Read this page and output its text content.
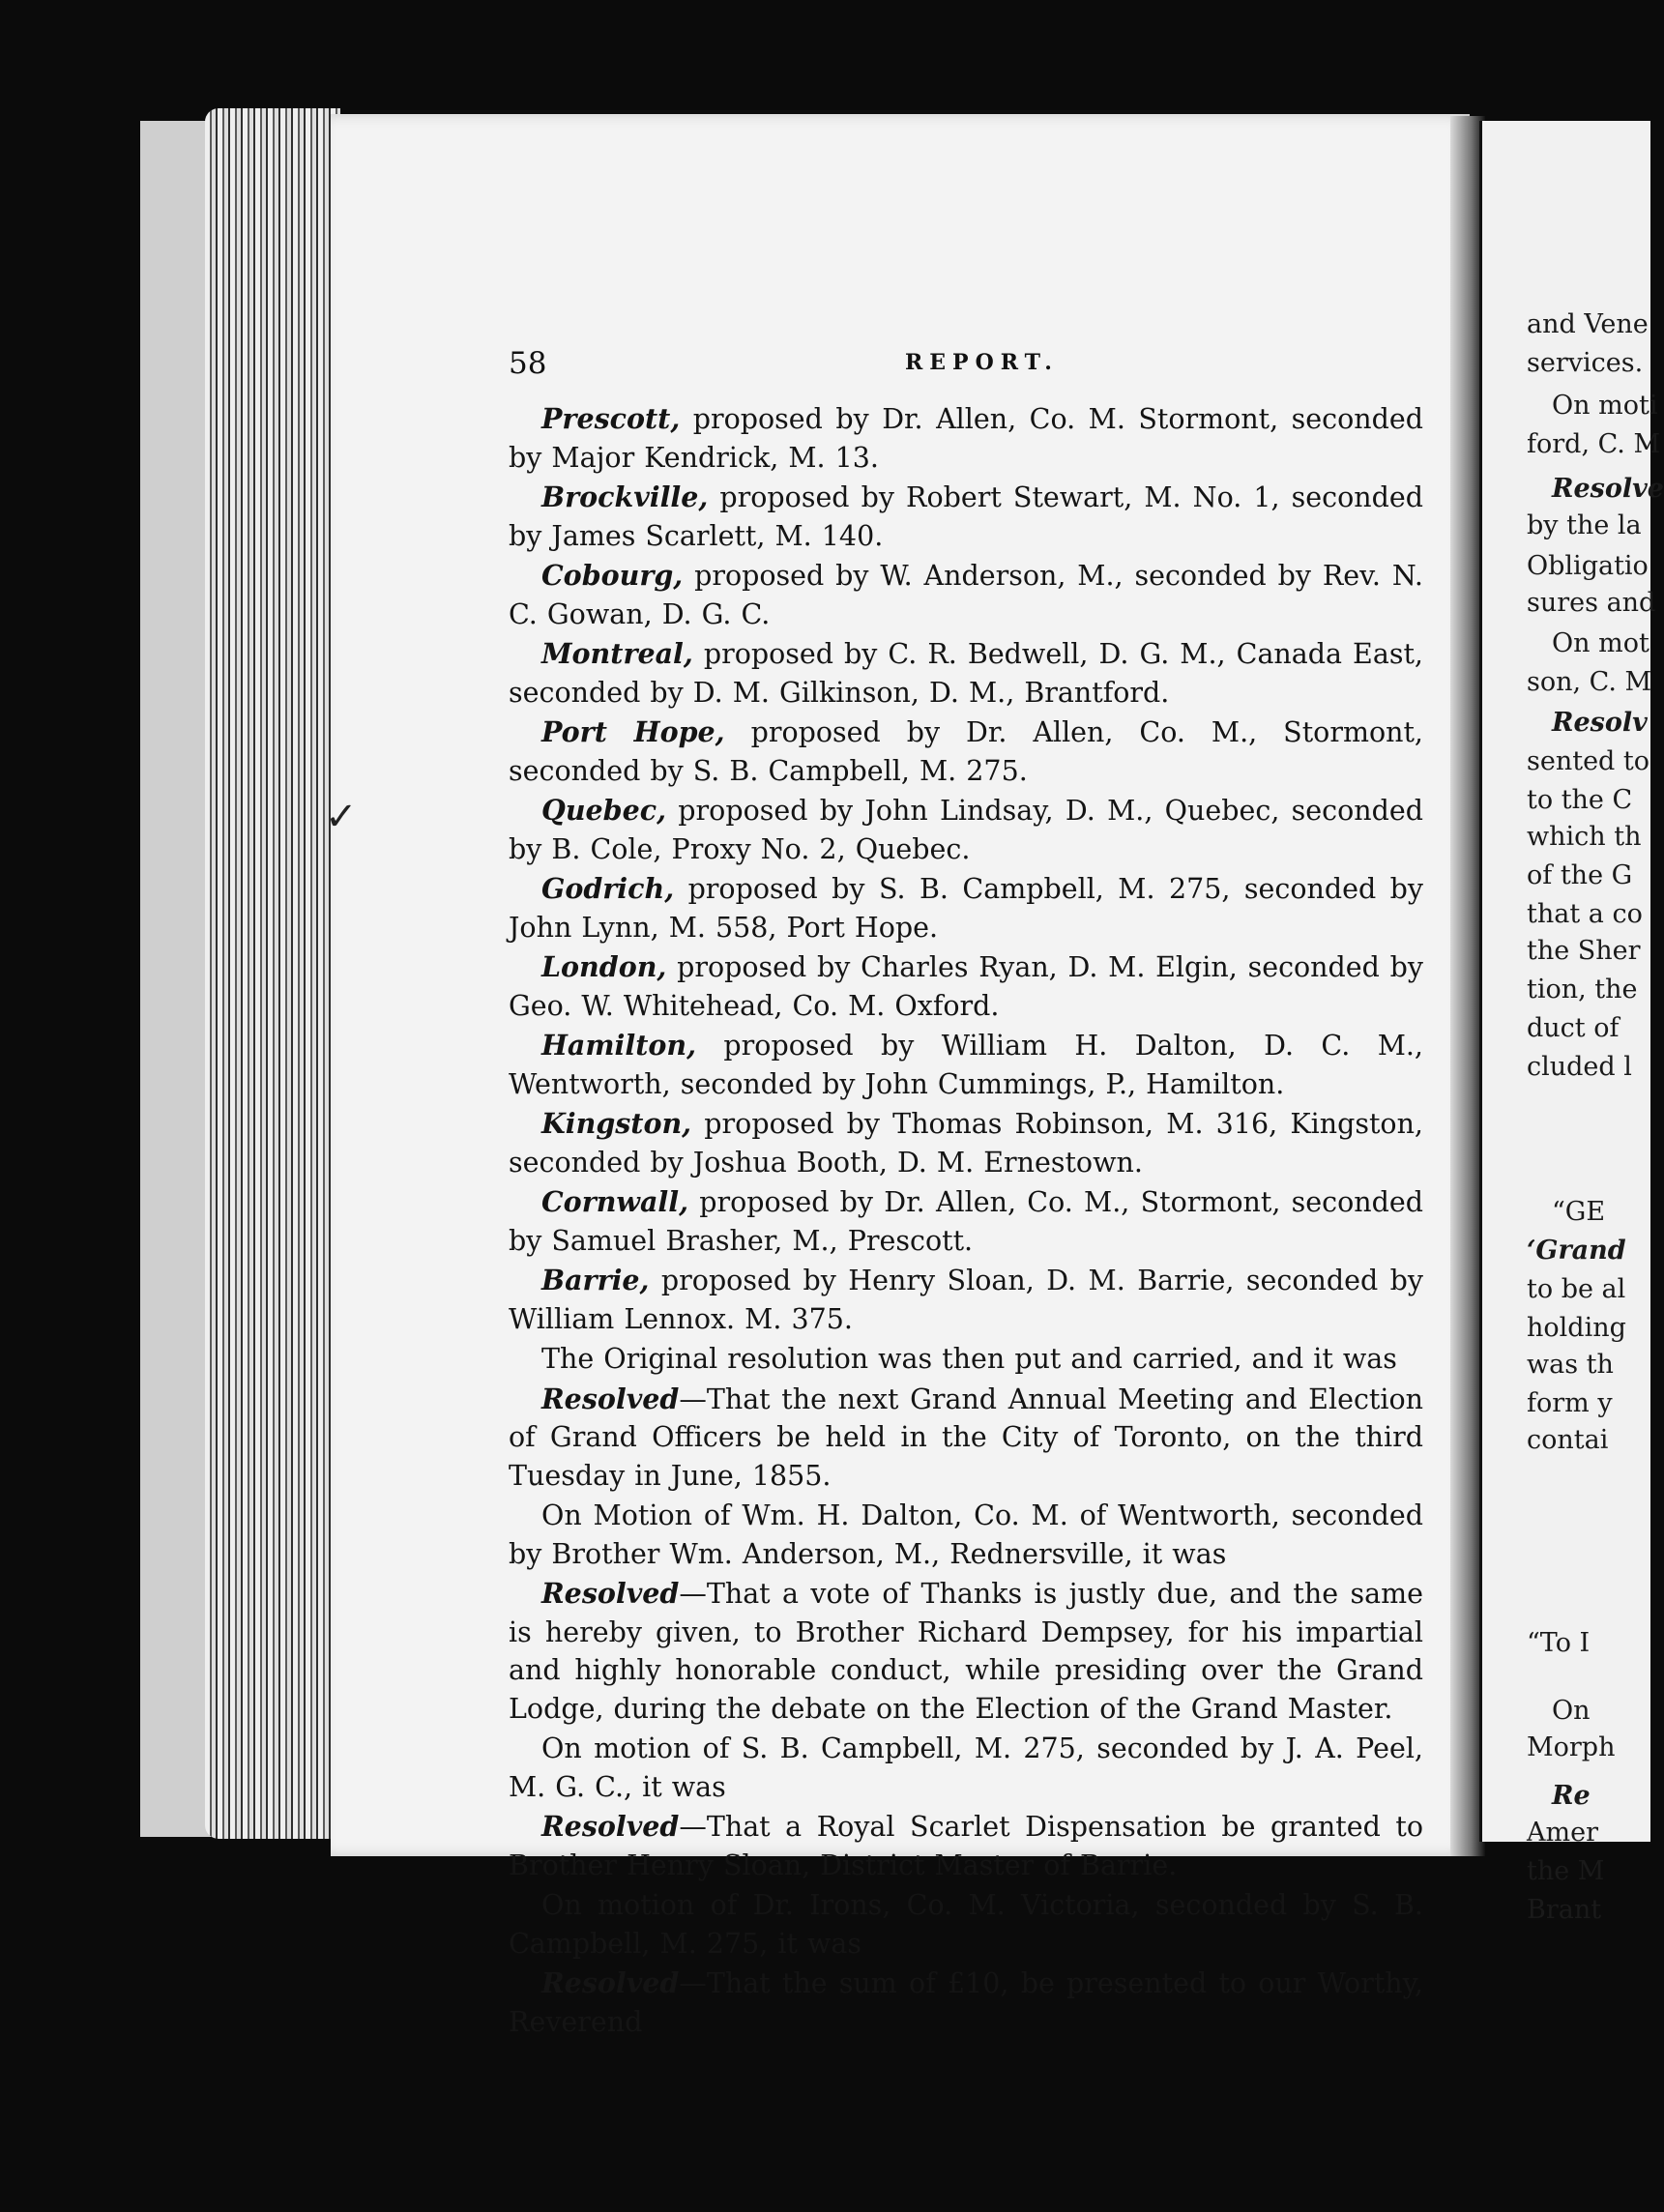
58	REPORT.

Prescott, proposed by Dr. Allen, Co. M. Stormont, seconded by Major Kendrick, M. 13.

Brockville, proposed by Robert Stewart, M. No. 1, seconded by James Scarlett, M. 140.

Cobourg, proposed by W. Anderson, M., seconded by Rev. N. C. Gowan, D. G. C.

Montreal, proposed by C. R. Bedwell, D. G. M., Canada East, seconded by D. M. Gilkinson, D. M., Brantford.

Port Hope, proposed by Dr. Allen, Co. M., Stormont, seconded by S. B. Campbell, M. 275.

Quebec, proposed by John Lindsay, D. M., Quebec, seconded by B. Cole, Proxy No. 2, Quebec.

Godrich, proposed by S. B. Campbell, M. 275, seconded by John Lynn, M. 558, Port Hope.

London, proposed by Charles Ryan, D. M. Elgin, seconded by Geo. W. Whitehead, Co. M. Oxford.

Hamilton, proposed by William H. Dalton, D. C. M., Wentworth, seconded by John Cummings, P., Hamilton.

Kingston, proposed by Thomas Robinson, M. 316, Kingston, seconded by Joshua Booth, D. M. Ernestown.

Cornwall, proposed by Dr. Allen, Co. M., Stormont, seconded by Samuel Brasher, M., Prescott.

Barrie, proposed by Henry Sloan, D. M. Barrie, seconded by William Lennox. M. 375.

The Original resolution was then put and carried, and it was

Resolved—That the next Grand Annual Meeting and Election of Grand Officers be held in the City of Toronto, on the third Tuesday in June, 1855.

On Motion of Wm. H. Dalton, Co. M. of Wentworth, seconded by Brother Wm. Anderson, M., Rednersville, it was

Resolved—That a vote of Thanks is justly due, and the same is hereby given, to Brother Richard Dempsey, for his impartial and highly honorable conduct, while presiding over the Grand Lodge, during the debate on the Election of the Grand Master.

On motion of S. B. Campbell, M. 275, seconded by J. A. Peel, M. G. C., it was

Resolved—That a Royal Scarlet Dispensation be granted to Brother Henry Sloan, District Master of Barrie.

On motion of Dr. Irons, Co. M. Victoria, seconded by S. B. Campbell, M. 275, it was

Resolved—That the sum of £10, be presented to our Worthy, Reverend

and Vene
services.
On moti
ford, C. M
Resolve
by the la
Obligatio
sures and
On mot
son, C. M
Resolv
sented to
to the C
which th
of the G
that a co
the Sher
tion, the
duct of
cluded l
“GE
‘Grand
to be al
holding
was th
form y
contai
“To I
On
Morph
Re
Amer
the M
Brant
✓
